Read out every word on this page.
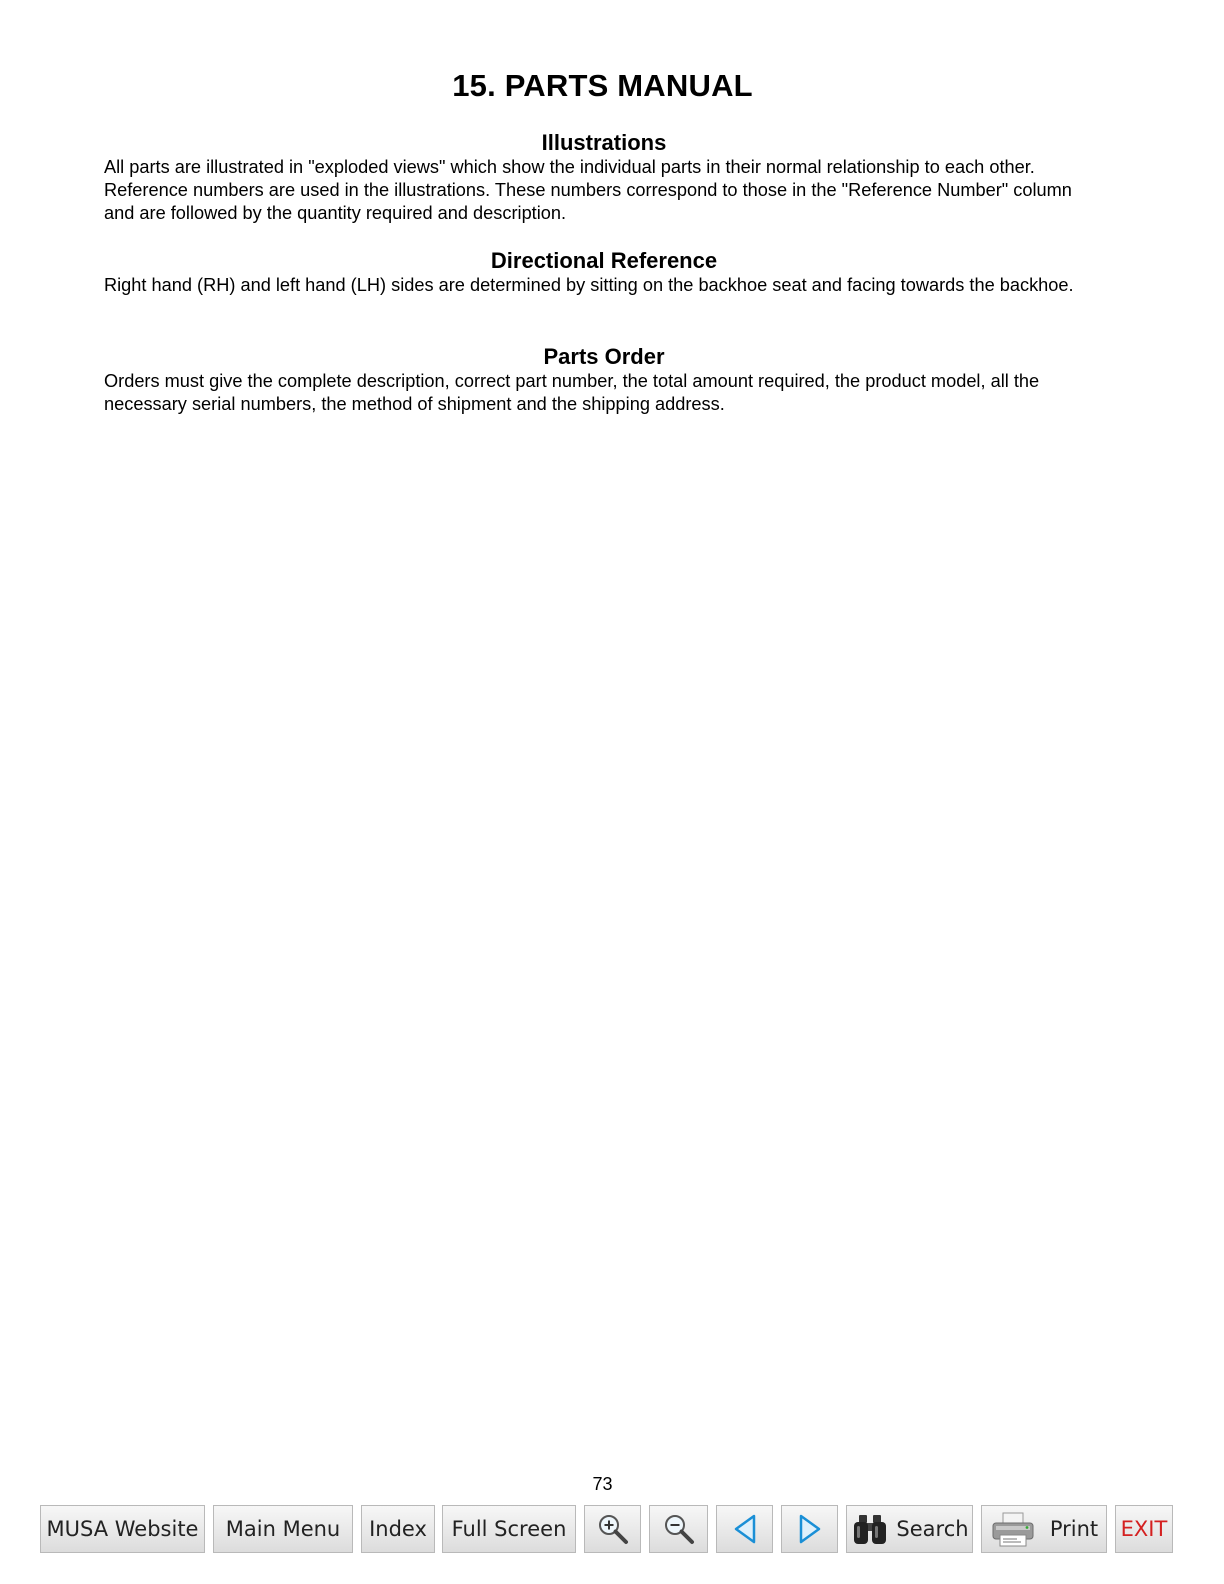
15. PARTS MANUAL
Illustrations

All parts are illustrated in "exploded views" which show the individual parts in their normal relationship to each other. Reference numbers are used in the illustrations. These numbers correspond to those in the "Reference Number" column and are followed by the quantity required and description.

Directional Reference

Right hand (RH) and left hand (LH) sides are determined by sitting on the backhoe seat and facing towards the backhoe.

Parts Order

Orders must give the complete description, correct part number, the total amount required, the product model, all the necessary serial numbers, the method of shipment and the shipping address.

73
MUSA Website Main Menu Index Full Screen	Search	Print EXIT
